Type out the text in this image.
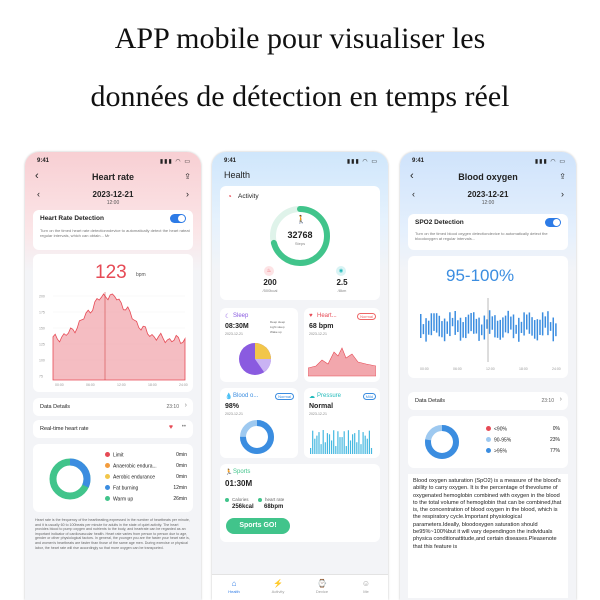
APP mobile pour visualiser les
données de détection en temps réel
9:41	▮▮▮ ◠ ▭
‹	Heart rate	⇪
‹	2023-12-21	›
12:00
Heart Rate Detection
Turn on the timed heart rate detectionndevice to automatically detect the heart rateat regular intervals, which can obtain... Mr
123 bpm
200
175
150
125
100
75
00:00	06:00	12:00	18:00	24:00
Data Details	23:10 ›
Real-time heart rate	♥ ••
Limit	0min
Anaerobic endura...	0min
Aerobic endurance	0min
Fat burning	12min
Warm up	26min
Heart rate is the frequency of the heartbeating,expressed in the number of heartbeats per minute, and it is usually 60 to 100beats per minute for adults in the state of quiet activity. The heart provides blood to pump oxygen and nutrients to the body, and heartrate can be regarded as an important indicator of cardiovascular health. Heart rate varies from person to person due to age, gender or other physiological factors. In general, the younger you are the faster your heart rate is, and women's heartbeats are faster than those of the same age men. During exercise or physical labor, the heart rate will rise accordingly so that more oxygen can be transported.
9:41	▮▮▮ ◠ ▭
Health
◔ Activity
🚶
32768
Steps
♨
200
/500kcal
◉
2.5
/8km
☾ Sleep
08:30M
2023-12-21
Deep sleep
Light sleep
Wake up
♥ Heart...	Normal
68 bpm
2023-12-21
💧 Blood o...	Normal
98%
2023-12-21
☁ Pressure	Mild
Normal
2023-12-21
🏃 Sports
01:30M
Calories
256kcal
heart rate
68bpm
Sports GO!
⌂
Health
⚡
Activity
⌚
Device
☺
Me
9:41	▮▮▮ ◠ ▭
‹	Blood oxygen	⇪
‹	2023-12-21	›
12:00
SPO2 Detection
Turn on the timed blood oxygen detectiondevice to automatically detect the bloodoxygen at regular intervals...
95-100%
00:00	06:00	12:00	18:00	24:00
Data Details	23:10 ›
<90%	0%
90-95%	23%
>95%	77%
Blood oxygen saturation (SpO2) is a measure of the blood's ability to carry oxygen. It is the percentage of thevolume of oxygenated hemoglobin combined with oxygen in the blood to the total volume of hemoglobin that can be combined,that is, the concentration of blood oxygen in the blood, which is the respiratory cycle.Important physiological parameters.Ideally, bloodoxygen saturation should be95%~100%but it will vary dependingon the individuals physica conditionattitude,and certain diseases.Pleasenote that this feature is
